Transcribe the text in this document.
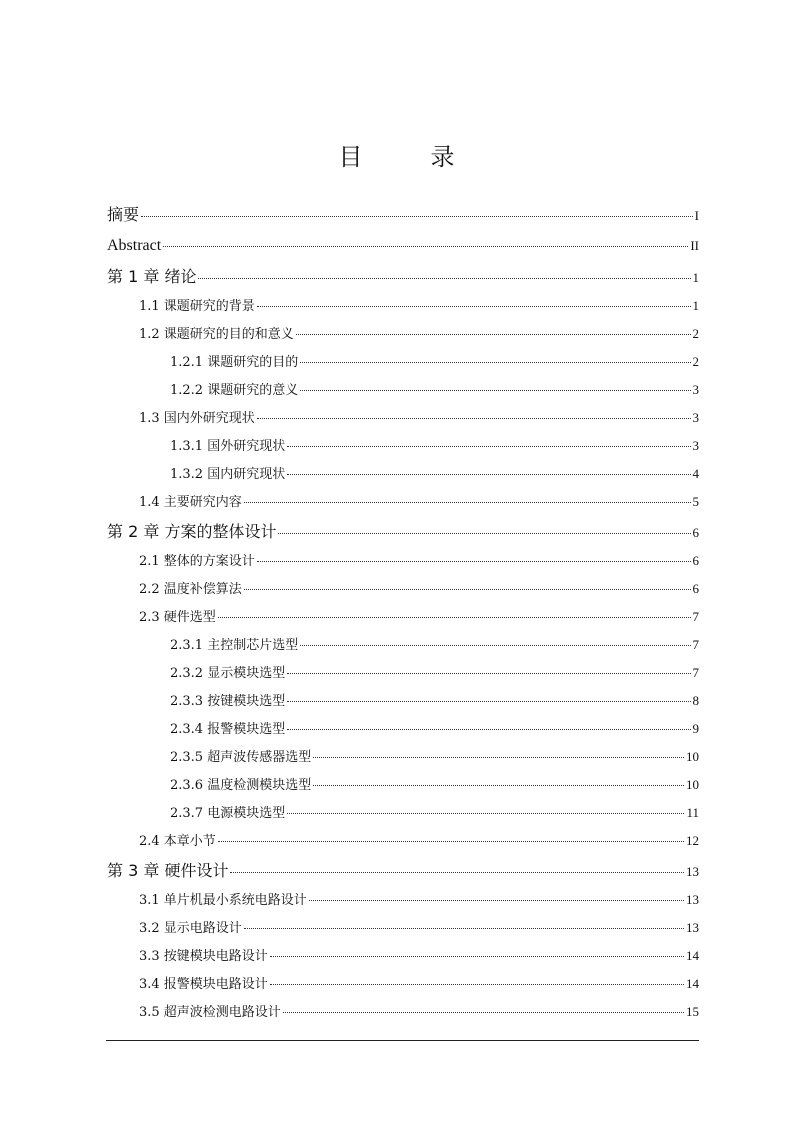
目　录
摘要	I
Abstract	II
第 1 章 绪论	1
1.1 课题研究的背景	1
1.2 课题研究的目的和意义	2
1.2.1 课题研究的目的	2
1.2.2 课题研究的意义	3
1.3 国内外研究现状	3
1.3.1 国外研究现状	3
1.3.2 国内研究现状	4
1.4 主要研究内容	5
第 2 章 方案的整体设计	6
2.1 整体的方案设计	6
2.2 温度补偿算法	6
2.3 硬件选型	7
2.3.1 主控制芯片选型	7
2.3.2 显示模块选型	7
2.3.3 按键模块选型	8
2.3.4 报警模块选型	9
2.3.5 超声波传感器选型	10
2.3.6 温度检测模块选型	10
2.3.7 电源模块选型	11
2.4 本章小节	12
第 3 章 硬件设计	13
3.1 单片机最小系统电路设计	13
3.2 显示电路设计	13
3.3 按键模块电路设计	14
3.4 报警模块电路设计	14
3.5 超声波检测电路设计	15
